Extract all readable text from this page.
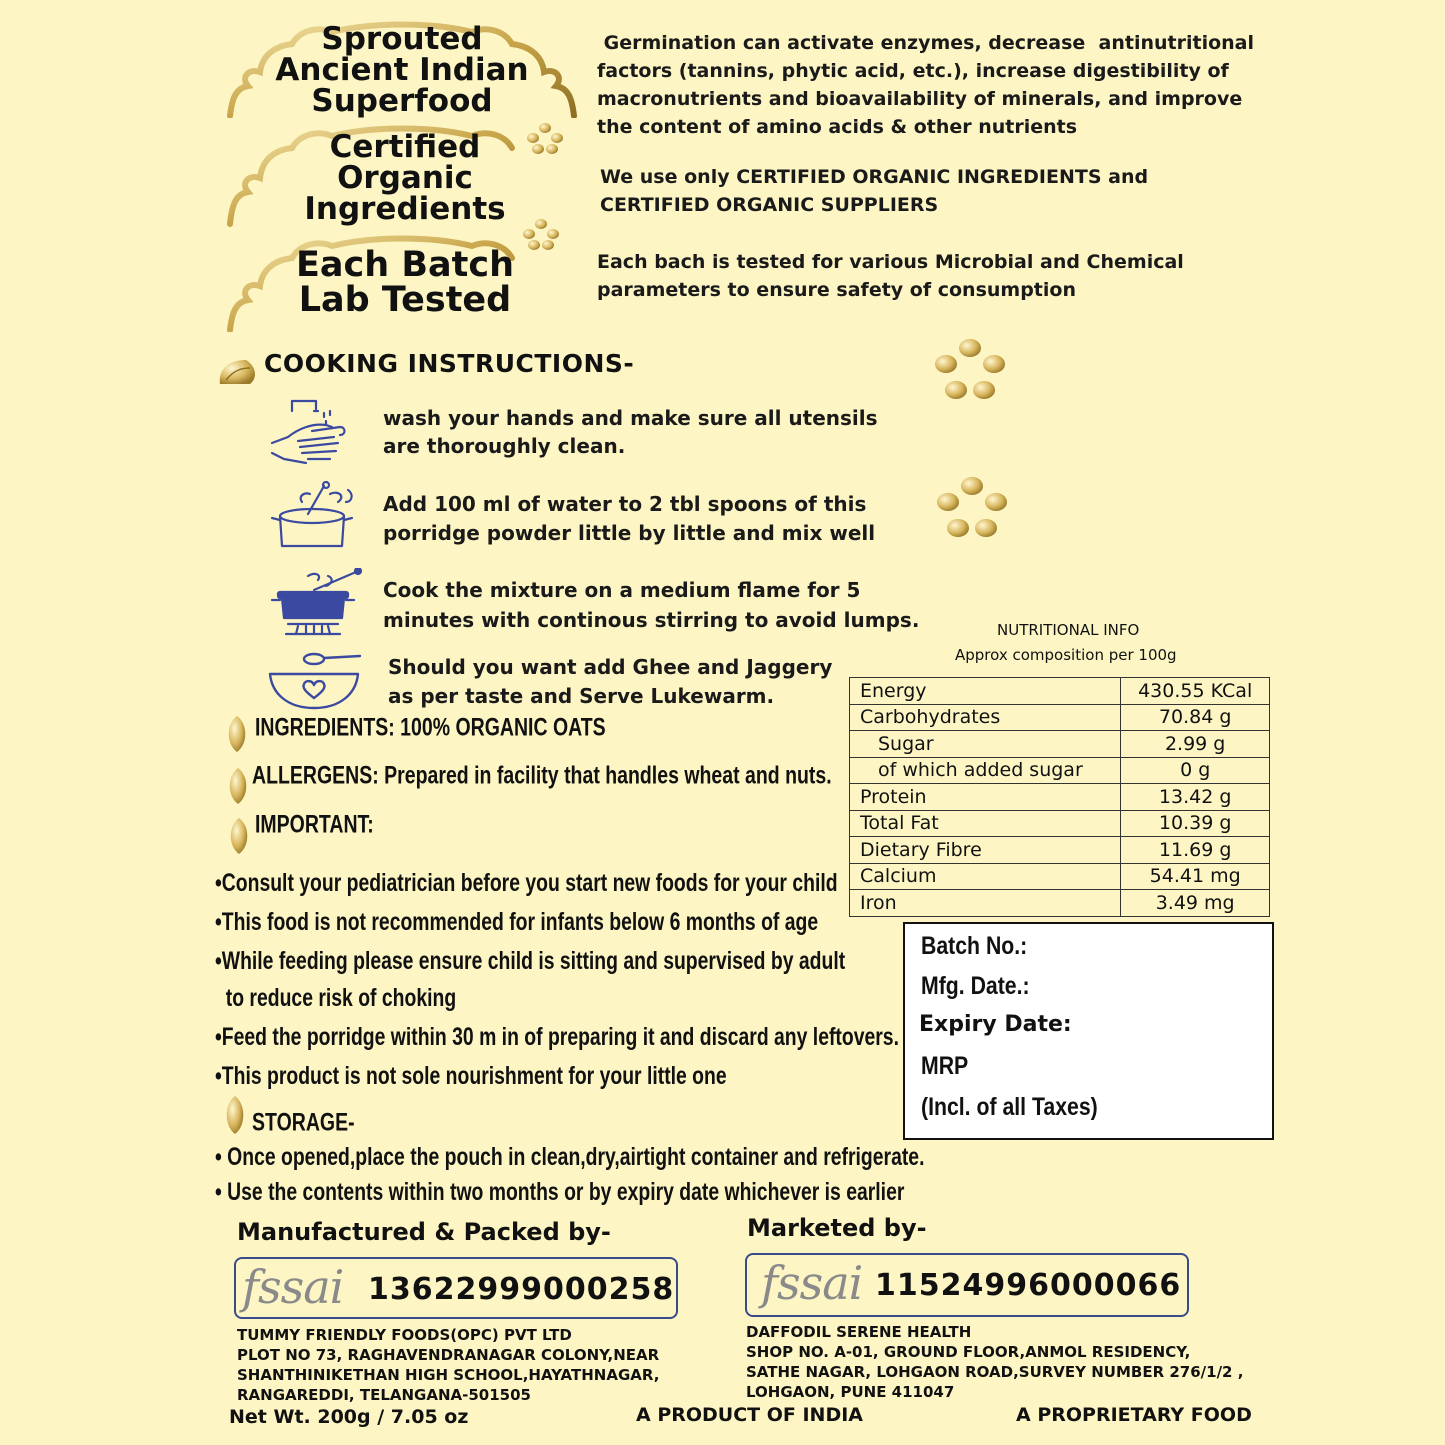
Sprouted
Ancient Indian
Superfood
Certified
Organic
Ingredients
Each Batch
Lab Tested
Germination can activate enzymes, decrease  antinutritional
factors (tannins, phytic acid, etc.), increase digestibility of
macronutrients and bioavailability of minerals, and improve
the content of amino acids & other nutrients
We use only CERTIFIED ORGANIC INGREDIENTS and
CERTIFIED ORGANIC SUPPLIERS
Each bach is tested for various Microbial and Chemical
parameters to ensure safety of consumption
COOKING INSTRUCTIONS-
wash your hands and make sure all utensils
are thoroughly clean.
Add 100 ml of water to 2 tbl spoons of this
porridge powder little by little and mix well
Cook the mixture on a medium flame for 5
minutes with continous stirring to avoid lumps.
Should you want add Ghee and Jaggery
as per taste and Serve Lukewarm.
INGREDIENTS: 100% ORGANIC OATS
ALLERGENS: Prepared in facility that handles wheat and nuts.
IMPORTANT:
•Consult your pediatrician before you start new foods for your child
•This food is not recommended for infants below 6 months of age
•While feeding please ensure child is sitting and supervised by adult
to reduce risk of choking
•Feed the porridge within 30 m in of preparing it and discard any leftovers.
•This product is not sole nourishment for your little one
STORAGE-
• Once opened,place the pouch in clean,dry,airtight container and refrigerate.
• Use the contents within two months or by expiry date whichever is earlier
NUTRITIONAL INFO
Approx composition per 100g
Energy	430.55 KCal
Carbohydrates	70.84 g
Sugar	2.99 g
of which added sugar	0 g
Protein	13.42 g
Total Fat	10.39 g
Dietary Fibre	11.69 g
Calcium	54.41 mg
Iron	3.49 mg
Batch No.:
Mfg. Date.:
Expiry Date:
MRP
(Incl. of all Taxes)
Manufactured & Packed by-
fssai 13622999000258
TUMMY FRIENDLY FOODS(OPC) PVT LTD
PLOT NO 73, RAGHAVENDRANAGAR COLONY,NEAR
SHANTHINIKETHAN HIGH SCHOOL,HAYATHNAGAR,
RANGAREDDI, TELANGANA-501505
Marketed by-
fssai 11524996000066
DAFFODIL SERENE HEALTH
SHOP NO. A-01, GROUND FLOOR,ANMOL RESIDENCY,
SATHE NAGAR, LOHGAON ROAD,SURVEY NUMBER 276/1/2 ,
LOHGAON, PUNE 411047
Net Wt. 200g / 7.05 oz	A PRODUCT OF INDIA	A PROPRIETARY FOOD
